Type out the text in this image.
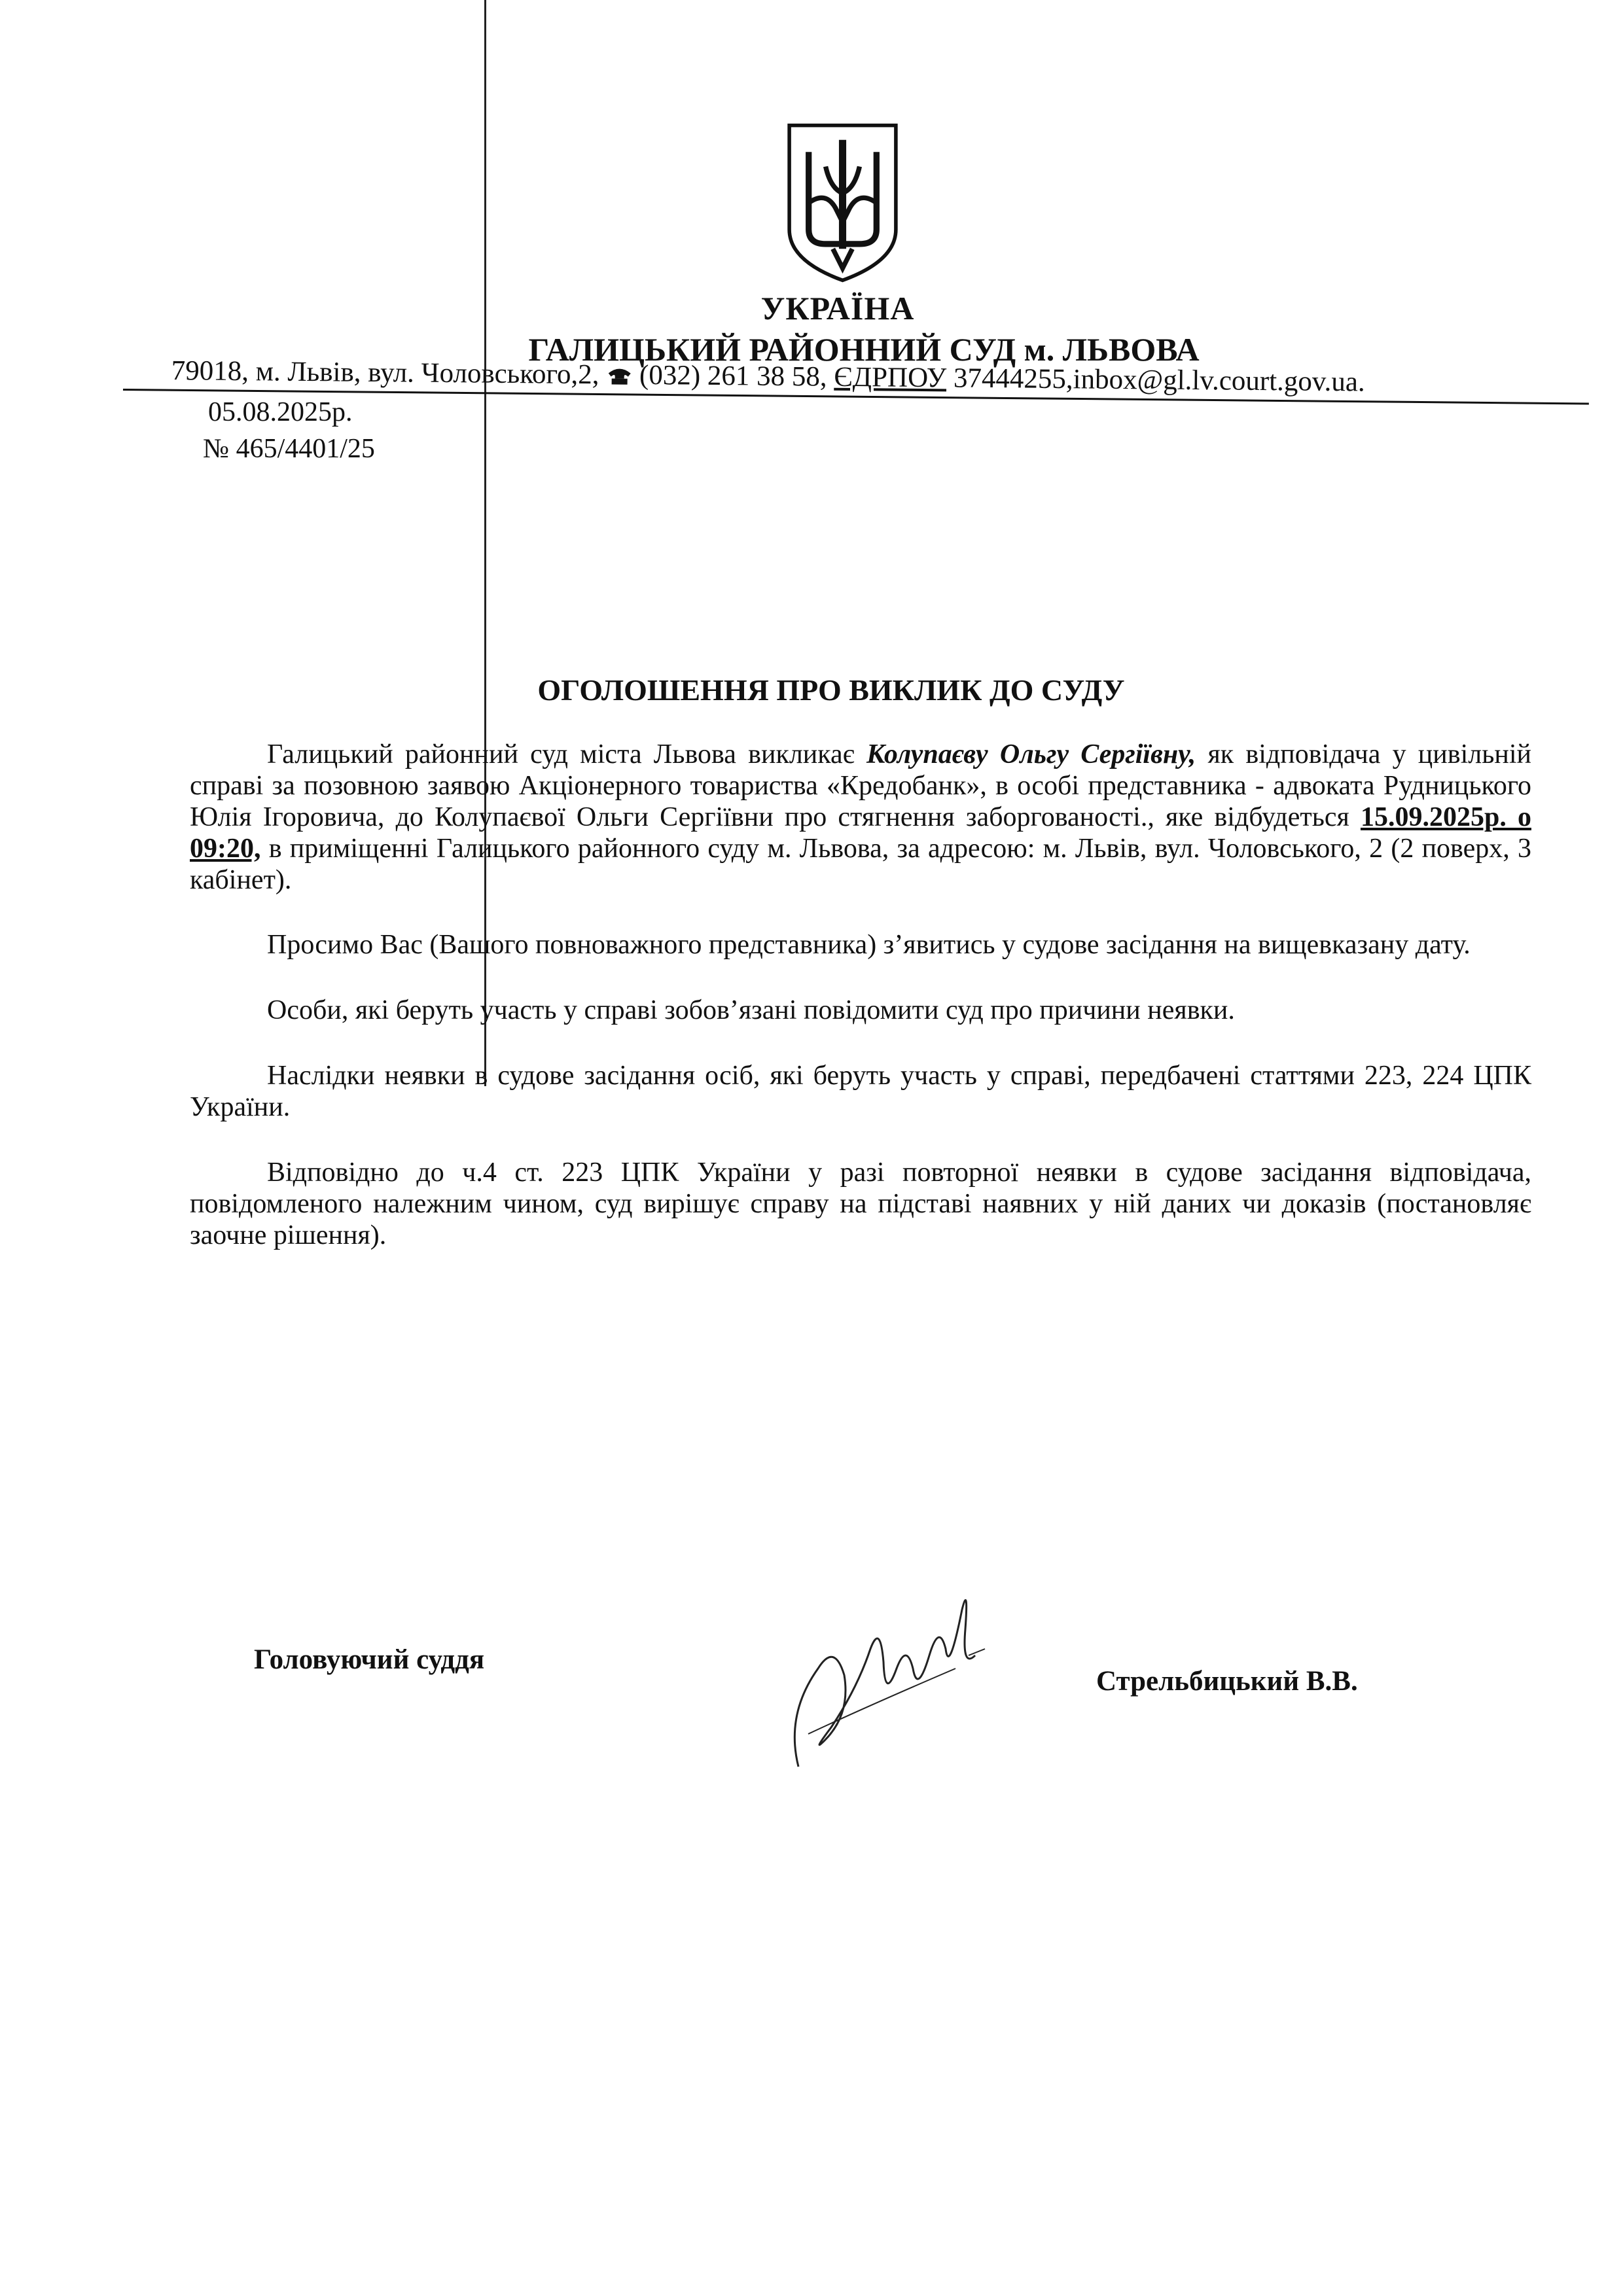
УКРАЇНА
ГАЛИЦЬКИЙ РАЙОННИЙ СУД м. ЛЬВОВА
79018, м. Львів, вул. Чоловського,2, (032) 261 38 58, ЄДРПОУ 37444255,inbox@gl.lv.court.gov.ua.
05.08.2025р.
№ 465/4401/25
ОГОЛОШЕННЯ ПРО ВИКЛИК ДО СУДУ

Галицький районний суд міста Львова викликає Колупаєву Ольгу Сергіївну, як відповідача у цивільній справі за позовною заявою Акціонерного товариства «Кредобанк», в особі представника - адвоката Рудницького Юлія Ігоровича, до Колупаєвої Ольги Сергіївни про стягнення заборгованості., яке відбудеться 15.09.2025р. о 09:20, в приміщенні Галицького районного суду м. Львова, за адресою: м. Львів, вул. Чоловського, 2 (2 поверх, 3 кабінет).

Просимо Вас (Вашого повноважного представника) з’явитись у судове засідання на вищевказану дату.

Особи, які беруть участь у справі зобов’язані повідомити суд про причини неявки.

Наслідки неявки в судове засідання осіб, які беруть участь у справі, передбачені статтями 223, 224 ЦПК України.

Відповідно до ч.4 ст. 223 ЦПК України у разі повторної неявки в судове засідання відповідача, повідомленого належним чином, суд вирішує справу на підставі наявних у ній даних чи доказів (постановляє заочне рішення).

Головуючий суддя
Стрельбицький В.В.
